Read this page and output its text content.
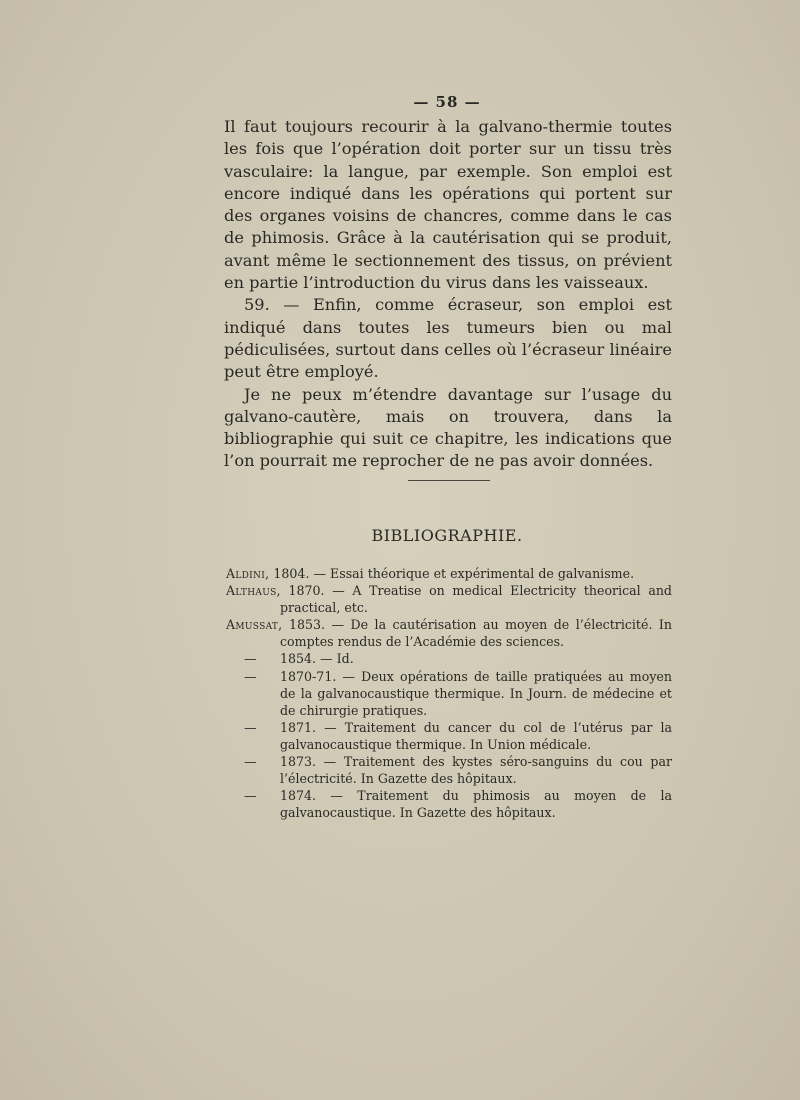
— 58 —

Il faut toujours recourir à la galvano-thermie toutes les fois que l’opération doit porter sur un tissu très vasculaire: la langue, par exemple. Son emploi est encore indiqué dans les opérations qui portent sur des organes voisins de chancres, comme dans le cas de phimosis. Grâce à la cautérisation qui se produit, avant même le sectionnement des tissus, on prévient en partie l’introduction du virus dans les vaisseaux.

59. — Enfin, comme écraseur, son emploi est indiqué dans toutes les tumeurs bien ou mal pédiculisées, surtout dans celles où l’écraseur linéaire peut être employé.

Je ne peux m’étendre davantage sur l’usage du galvano-cautère, mais on trouvera, dans la bibliographie qui suit ce chapitre, les indications que l’on pourrait me reprocher de ne pas avoir données.

BIBLIOGRAPHIE.
Aldini, 1804. — Essai théorique et expérimental de galvanisme.
Althaus, 1870. — A Treatise on medical Electricity theorical and practical, etc.
Amussat, 1853. — De la cautérisation au moyen de l’électricité. In comptes rendus de l’Académie des sciences.
—	1854. — Id.
—	1870-71. — Deux opérations de taille pratiquées au moyen de la galvanocaustique thermique. In Journ. de médecine et de chirurgie pratiques.
—	1871. — Traitement du cancer du col de l’utérus par la galvanocaustique thermique. In Union médicale.
—	1873. — Traitement des kystes séro-sanguins du cou par l’électricité. In Gazette des hôpitaux.
—	1874. — Traitement du phimosis au moyen de la galvanocaustique. In Gazette des hôpitaux.
